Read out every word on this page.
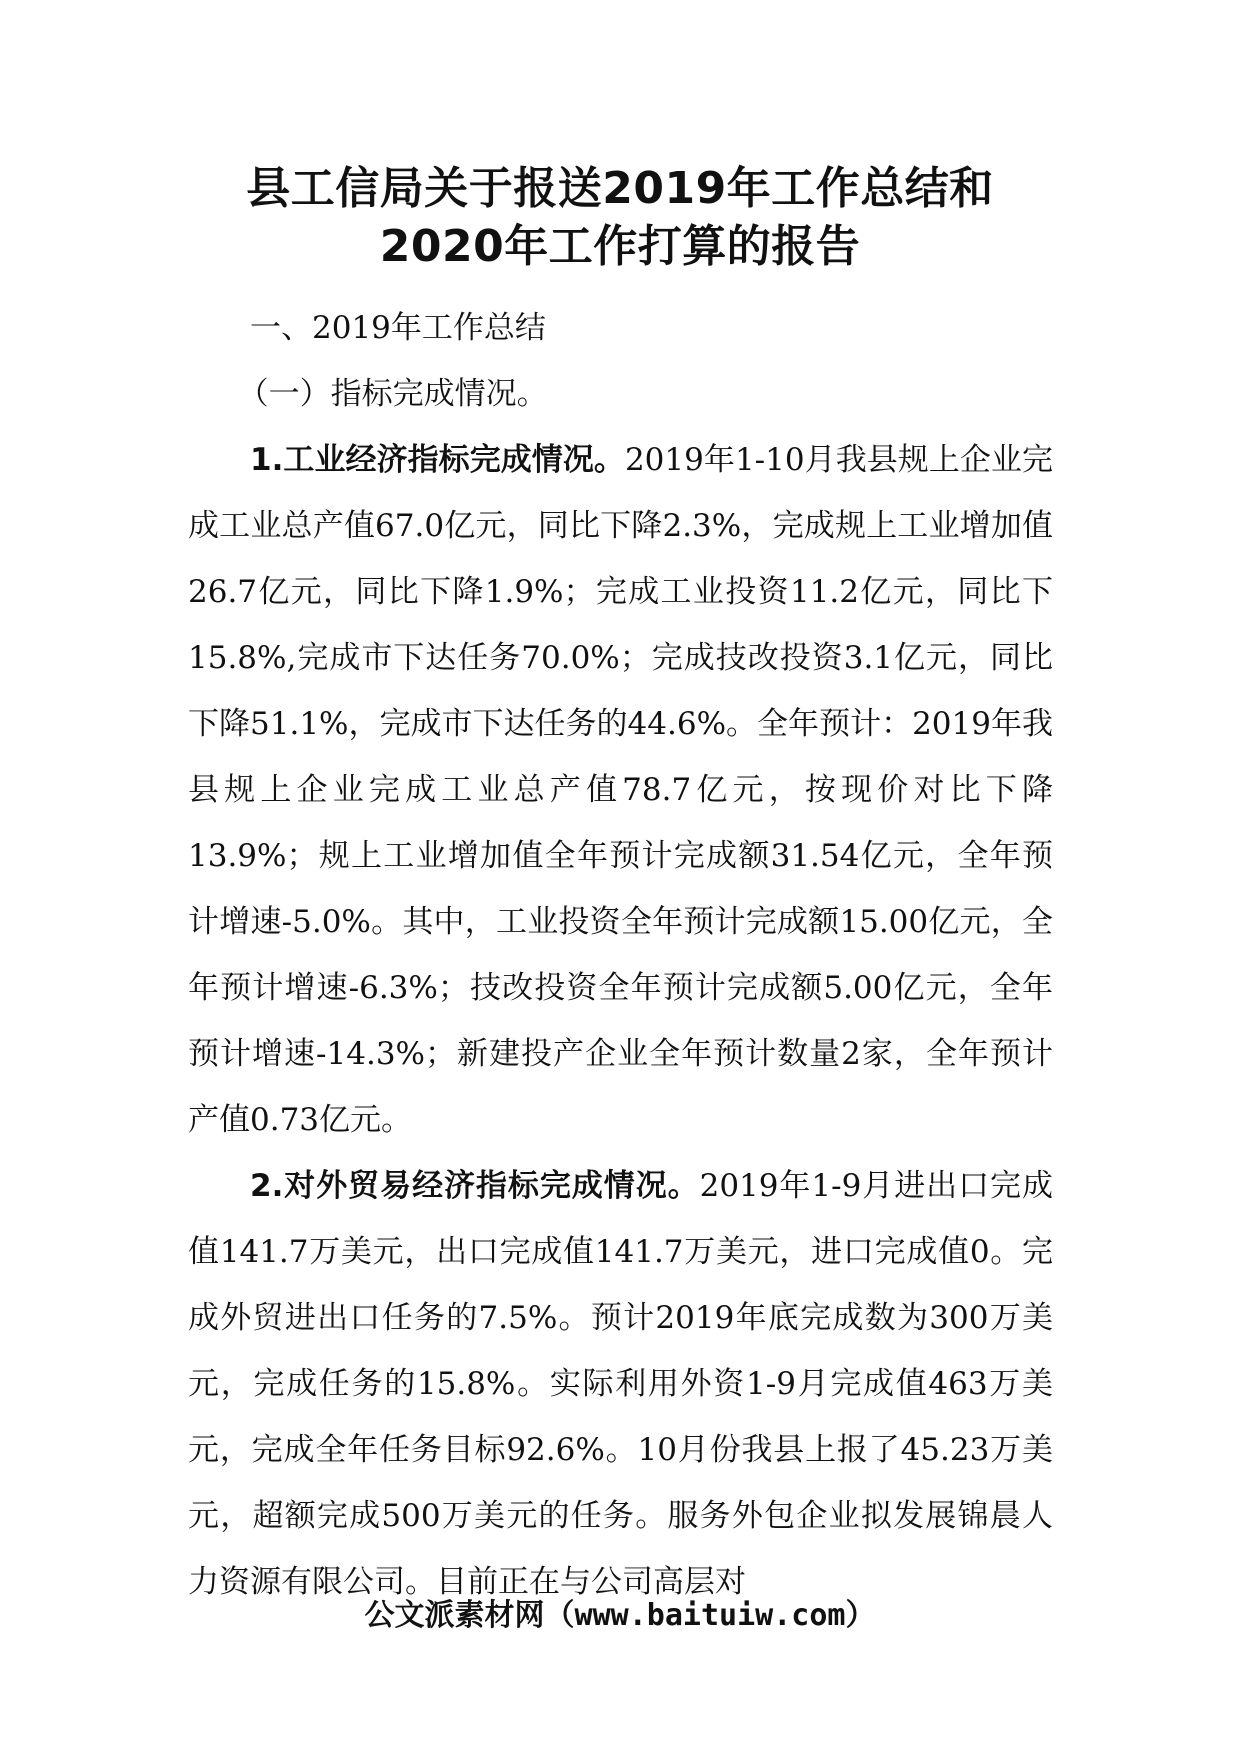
县工信局关于报送2019年工作总结和2020年工作打算的报告

一、2019年工作总结

（一）指标完成情况。

1.工业经济指标完成情况。2019年1-10月我县规上企业完成工业总产值67.0亿元，同比下降2.3%，完成规上工业增加值26.7亿元，同比下降1.9%；完成工业投资11.2亿元，同比下15.8%,完成市下达任务70.0%；完成技改投资3.1亿元，同比下降51.1%，完成市下达任务的44.6%。全年预计：2019年我县规上企业完成工业总产值78.7亿元，按现价对比下降13.9%；规上工业增加值全年预计完成额31.54亿元，全年预计增速-5.0%。其中，工业投资全年预计完成额15.00亿元，全年预计增速-6.3%；技改投资全年预计完成额5.00亿元，全年预计增速-14.3%；新建投产企业全年预计数量2家，全年预计产值0.73亿元。

2.对外贸易经济指标完成情况。2019年1-9月进出口完成值141.7万美元，出口完成值141.7万美元，进口完成值0。完成外贸进出口任务的7.5%。预计2019年底完成数为300万美元，完成任务的15.8%。实际利用外资1-9月完成值463万美元，完成全年任务目标92.6%。10月份我县上报了45.23万美元，超额完成500万美元的任务。服务外包企业拟发展锦晨人力资源有限公司。目前正在与公司高层对

公文派素材网（www.baituiw.com）
